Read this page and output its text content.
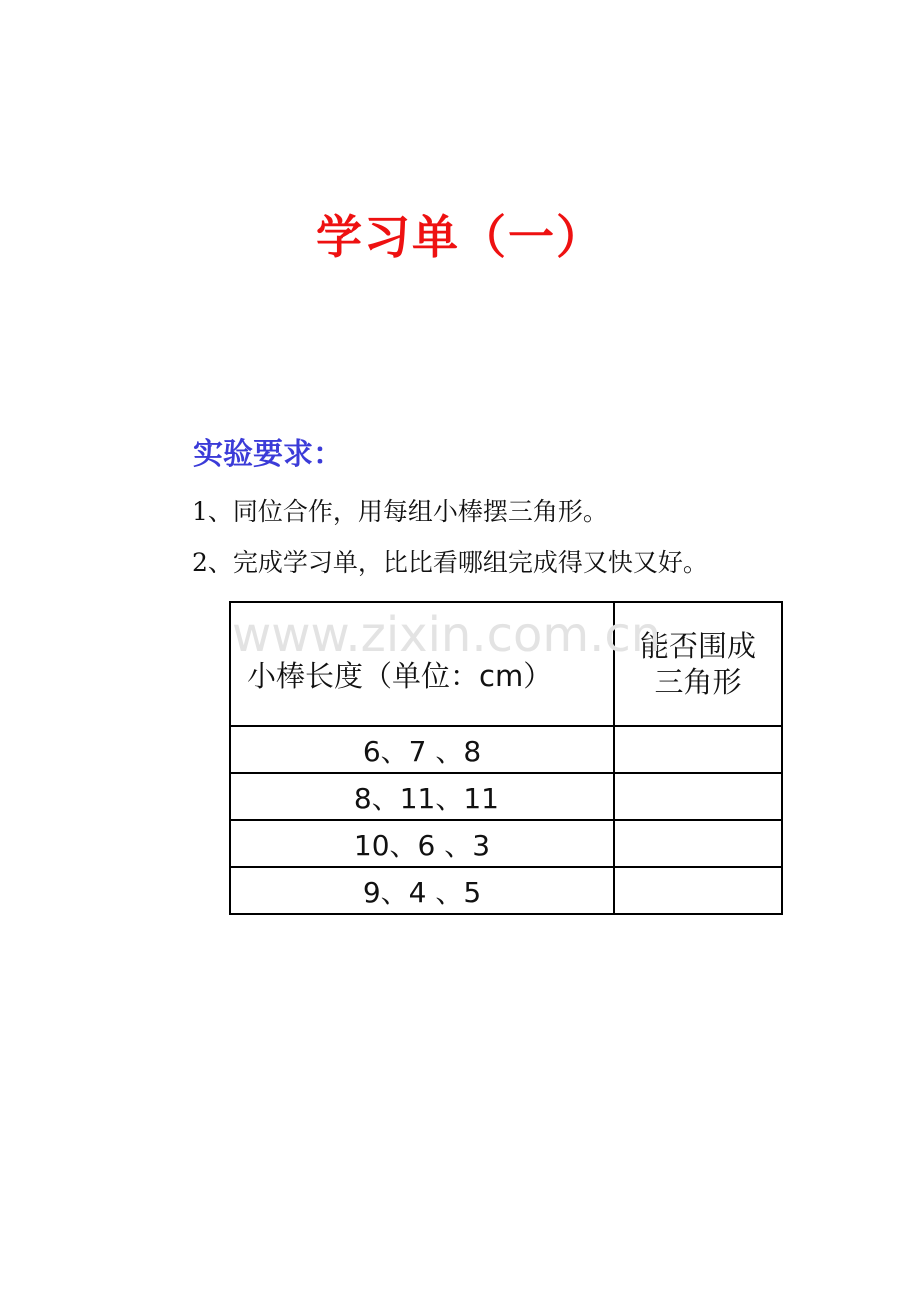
学习单（一）
实验要求：
1、同位合作，用每组小棒摆三角形。
2、完成学习单，比比看哪组完成得又快又好。
www.zixin.com.cn
小棒长度（单位：cm）	能否围成
三角形

6、7 、8	
8、11、11	
10、6 、3	
9、4 、5	
